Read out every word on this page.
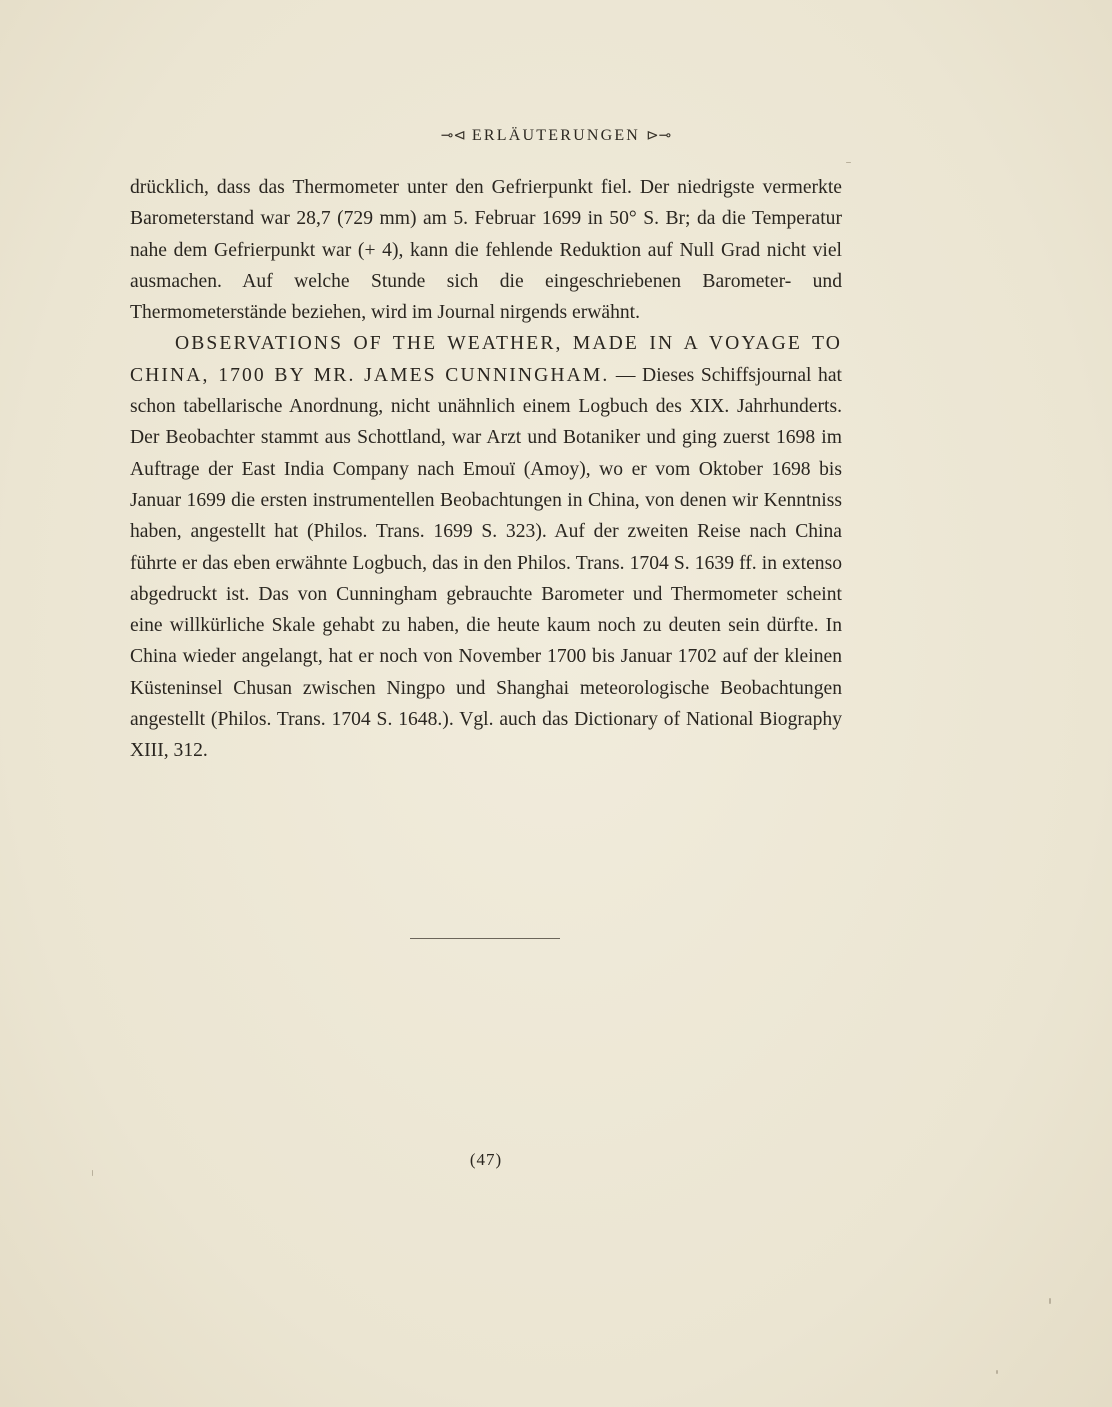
⊸⊲ ERLÄUTERUNGEN ⊳⊸

drücklich, dass das Thermometer unter den Gefrierpunkt fiel. Der niedrigste vermerkte Barometerstand war 28,7 (729 mm) am 5. Februar 1699 in 50° S. Br; da die Temperatur nahe dem Gefrierpunkt war (+ 4), kann die fehlende Reduktion auf Null Grad nicht viel ausmachen. Auf welche Stunde sich die eingeschriebenen Barometer- und Thermometerstände beziehen, wird im Journal nirgends erwähnt.

OBSERVATIONS OF THE WEATHER, MADE IN A VOYAGE TO CHINA, 1700 BY MR. JAMES CUNNINGHAM. — Dieses Schiffsjournal hat schon tabellarische Anordnung, nicht unähnlich einem Logbuch des XIX. Jahrhunderts. Der Beobachter stammt aus Schottland, war Arzt und Botaniker und ging zuerst 1698 im Auftrage der East India Company nach Emouï (Amoy), wo er vom Oktober 1698 bis Januar 1699 die ersten instrumentellen Beobachtungen in China, von denen wir Kenntniss haben, angestellt hat (Philos. Trans. 1699 S. 323). Auf der zweiten Reise nach China führte er das eben erwähnte Logbuch, das in den Philos. Trans. 1704 S. 1639 ff. in extenso abgedruckt ist. Das von Cunningham gebrauchte Barometer und Thermometer scheint eine willkürliche Skale gehabt zu haben, die heute kaum noch zu deuten sein dürfte. In China wieder angelangt, hat er noch von November 1700 bis Januar 1702 auf der kleinen Küsteninsel Chusan zwischen Ningpo und Shanghai meteorologische Beobachtungen angestellt (Philos. Trans. 1704 S. 1648.). Vgl. auch das Dictionary of National Biography XIII, 312.

(47)
